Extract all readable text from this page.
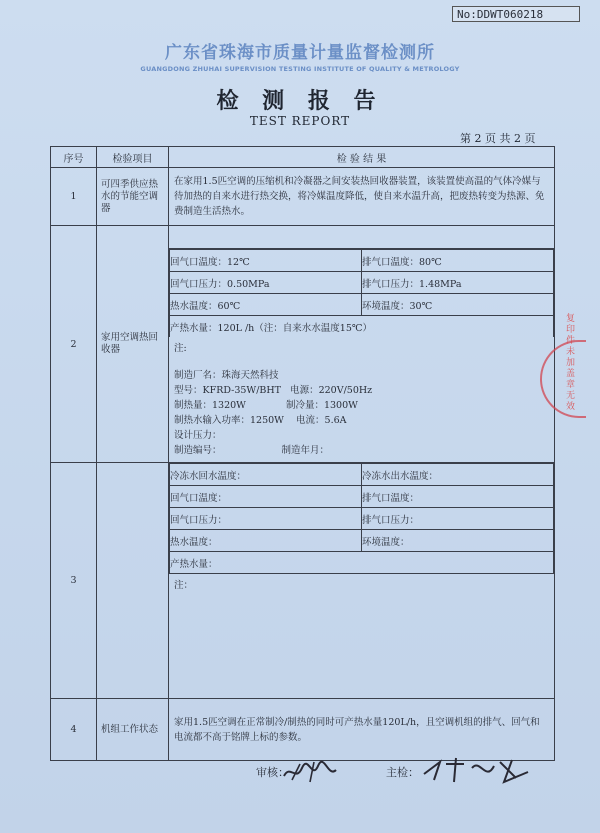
No:DDWT060218
广东省珠海市质量计量监督检测所
GUANGDONG ZHUHAI SUPERVISION TESTING INSTITUTE OF QUALITY & METROLOGY
检 测 报 告
TEST REPORT
第 2 页 共 2 页
序号	检验项目	检 验 结 果
1	可四季供应热水的节能空调器	在家用1.5匹空调的压缩机和冷凝器之间安装热回收器装置，该装置使高温的气体冷媒与待加热的自来水进行热交换，将冷媒温度降低，使自来水温升高，把废热转变为热源、免费制造生活热水。
2	家用空调热回收器	
回气口温度：12℃	排气口温度：80℃
回气口压力：0.50MPa	排气口压力：1.48MPa
热水温度：60℃	环境温度：30℃
产热水量：120L /h（注：自来水水温度15℃）
注:
制造厂名：珠海天然科技
型号：KFRD-35W/BHT 电源：220V/50Hz
制热量：1320W	制冷量：1300W
制热水输入功率：1250W 电流：5.6A
设计压力：
制造编号：	制造年月：

3		
冷冻水回水温度：	冷冻水出水温度：
回气口温度：	排气口温度：
回气口压力：	排气口压力：
热水温度：	环境温度：
产热水量：
注：

4	机组工作状态	家用1.5匹空调在正常制冷/制热的同时可产热水量120L/h，且空调机组的排气、回气和电流都不高于铭牌上标的参数。
复印件未加盖章无效
审核：	主检：
